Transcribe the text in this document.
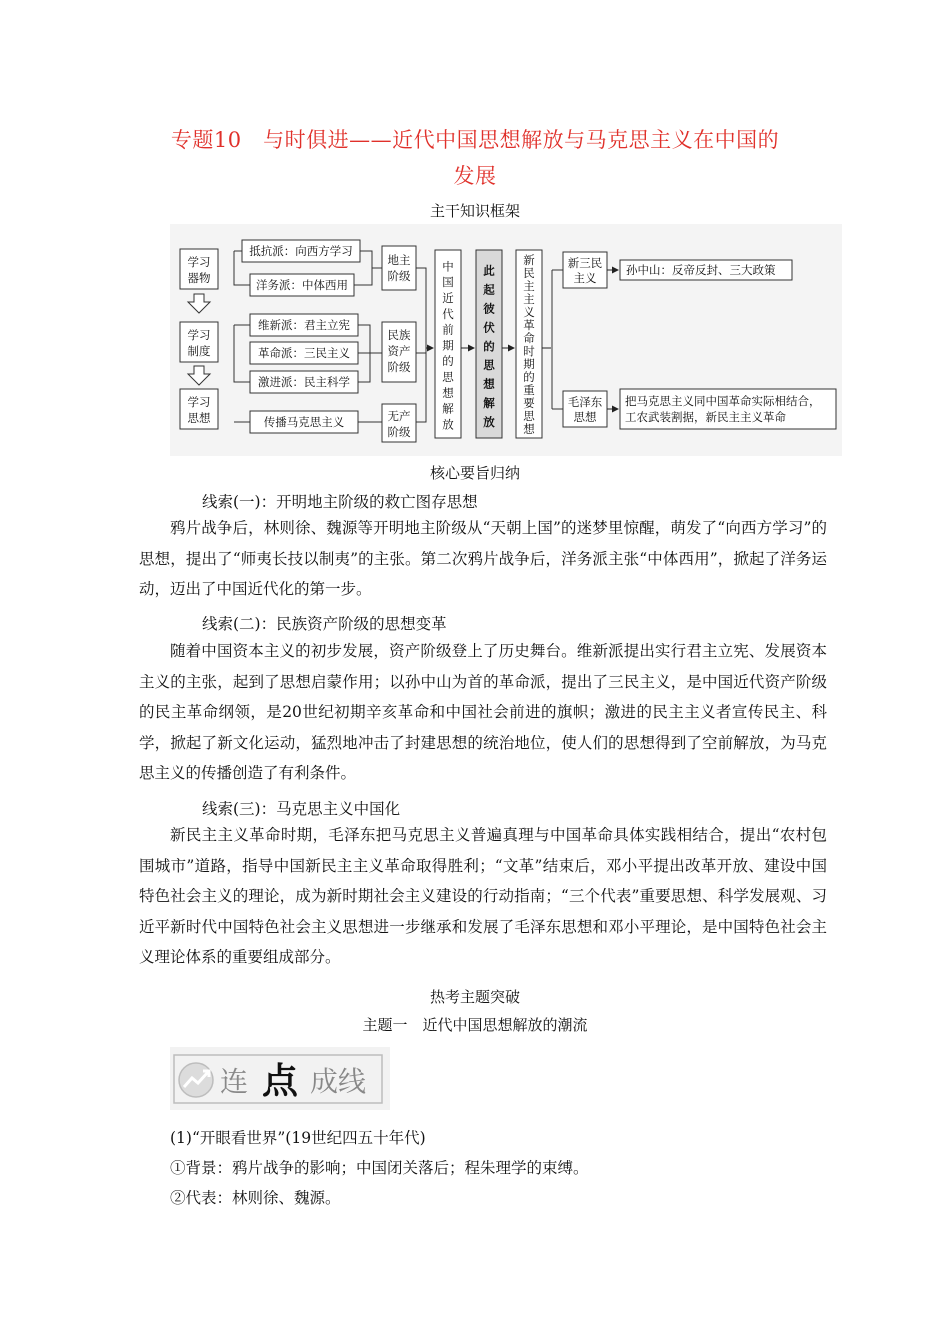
专题10　与时俱进——近代中国思想解放与马克思主义在中国的
发展
主干知识框架
学习
器物
学习
制度
学习
思想
抵抗派：向西方学习
洋务派：中体西用
维新派：君主立宪
革命派：三民主义
激进派：民主科学
传播马克思主义
地主
阶级
民族
资产
阶级
无产
阶级
中
国
近
代
前
期
的
思
想
解
放
此
起
彼
伏
的
思
想
解
放
新
民
主
主
义
革
命
时
期
的
重
要
思
想
新三民
主义
孙中山：反帝反封、三大政策
毛泽东
思想
把马克思主义同中国革命实际相结合，
工农武装割据，新民主主义革命
核心要旨归纳
线索(一)：开明地主阶级的救亡图存思想

鸦片战争后，林则徐、魏源等开明地主阶级从“天朝上国”的迷梦里惊醒，萌发了“向西方学习”的思想，提出了“师夷长技以制夷”的主张。第二次鸦片战争后，洋务派主张“中体西用”，掀起了洋务运动，迈出了中国近代化的第一步。

线索(二)：民族资产阶级的思想变革

随着中国资本主义的初步发展，资产阶级登上了历史舞台。维新派提出实行君主立宪、发展资本主义的主张，起到了思想启蒙作用；以孙中山为首的革命派，提出了三民主义，是中国近代资产阶级的民主革命纲领，是20世纪初期辛亥革命和中国社会前进的旗帜；激进的民主主义者宣传民主、科学，掀起了新文化运动，猛烈地冲击了封建思想的统治地位，使人们的思想得到了空前解放，为马克思主义的传播创造了有利条件。

线索(三)：马克思主义中国化

新民主主义革命时期，毛泽东把马克思主义普遍真理与中国革命具体实践相结合，提出“农村包围城市”道路，指导中国新民主主义革命取得胜利；“文革”结束后，邓小平提出改革开放、建设中国特色社会主义的理论，成为新时期社会主义建设的行动指南；“三个代表”重要思想、科学发展观、习近平新时代中国特色社会主义思想进一步继承和发展了毛泽东思想和邓小平理论，是中国特色社会主义理论体系的重要组成部分。

热考主题突破
主题一　近代中国思想解放的潮流
连 点 成线
(1)“开眼看世界”(19世纪四五十年代)
①背景：鸦片战争的影响；中国闭关落后；程朱理学的束缚。
②代表：林则徐、魏源。
